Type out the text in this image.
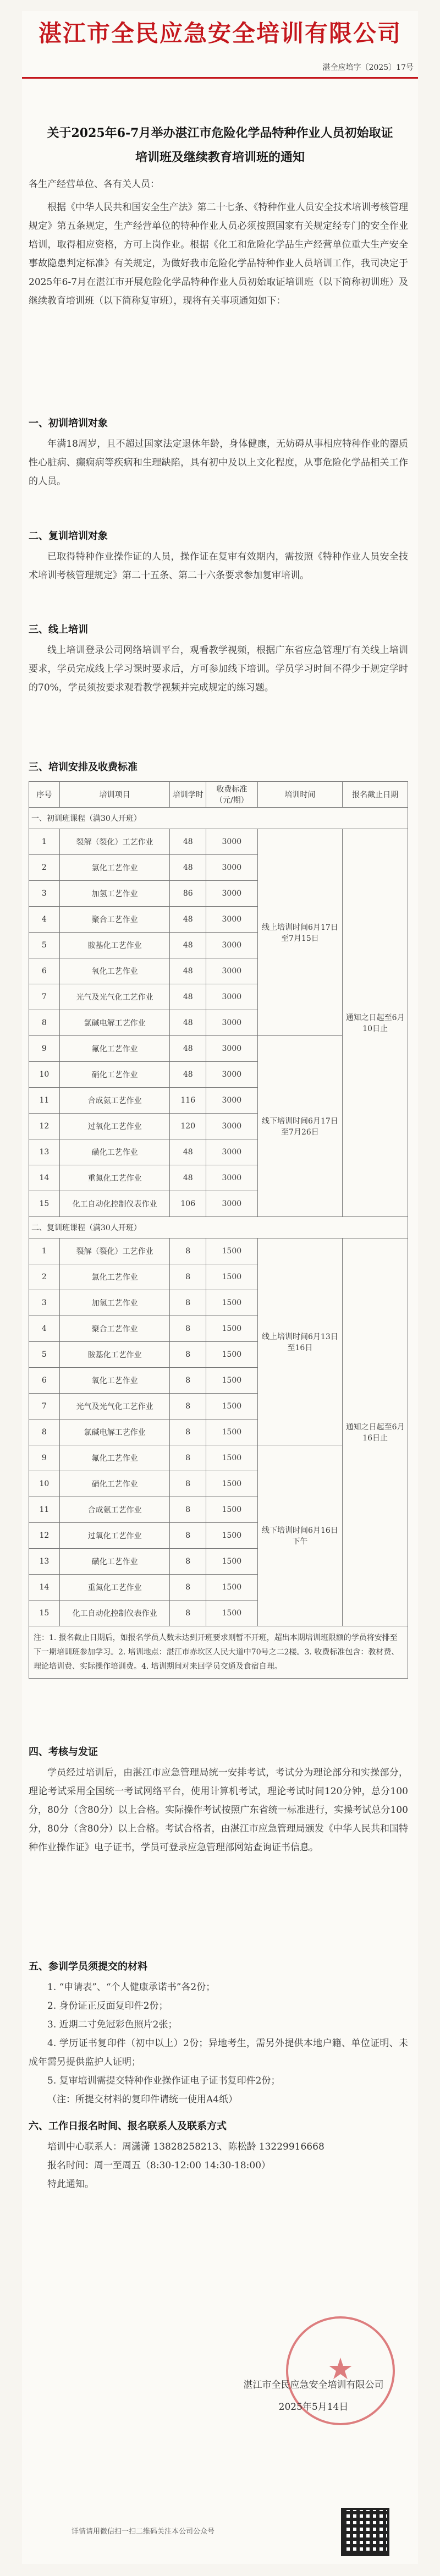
湛江市全民应急安全培训有限公司
湛全应培字〔2025〕17号
关于2025年6-7月举办湛江市危险化学品特种作业人员初始取证培训班及继续教育培训班的通知
各生产经营单位、各有关人员：
根据《中华人民共和国安全生产法》第二十七条、《特种作业人员安全技术培训考核管理规定》第五条规定，生产经营单位的特种作业人员必须按照国家有关规定经专门的安全作业培训，取得相应资格，方可上岗作业。根据《化工和危险化学品生产经营单位重大生产安全事故隐患判定标准》有关规定，为做好我市危险化学品特种作业人员培训工作，我司决定于2025年6-7月在湛江市开展危险化学品特种作业人员初始取证培训班（以下简称初训班）及继续教育培训班（以下简称复审班），现将有关事项通知如下：
一、初训培训对象
年满18周岁，且不超过国家法定退休年龄，身体健康，无妨碍从事相应特种作业的器质性心脏病、癫痫病等疾病和生理缺陷，具有初中及以上文化程度，从事危险化学品相关工作的人员。
二、复训培训对象
已取得特种作业操作证的人员，操作证在复审有效期内，需按照《特种作业人员安全技术培训考核管理规定》第二十五条、第二十六条要求参加复审培训。
三、线上培训
线上培训登录公司网络培训平台，观看教学视频，根据广东省应急管理厅有关线上培训要求，学员完成线上学习课时要求后，方可参加线下培训。学员学习时间不得少于规定学时的70%，学员须按要求观看教学视频并完成规定的练习题。
三、培训安排及收费标准
序号	培训项目	培训学时	收费标准（元/期）	培训时间	报名截止日期
一、初训班课程（满30人开班）					
1	裂解（裂化）工艺作业	48	3000	线上培训时间6月17日至7月15日	通知之日起至6月10日止
2	氯化工艺作业	48	3000		
3	加氢工艺作业	86	3000		
4	聚合工艺作业	48	3000		
5	胺基化工艺作业	48	3000		
6	氧化工艺作业	48	3000		
7	光气及光气化工艺作业	48	3000		
8	氯碱电解工艺作业	48	3000		
9	氟化工艺作业	48	3000	线下培训时间6月17日至7月26日	
10	硝化工艺作业	48	3000		
11	合成氨工艺作业	116	3000		
12	过氧化工艺作业	120	3000		
13	磺化工艺作业	48	3000		
14	重氮化工艺作业	48	3000		
15	化工自动化控制仪表作业	106	3000		
二、复训班课程（满30人开班）					
1	裂解（裂化）工艺作业	8	1500	线上培训时间6月13日至16日	通知之日起至6月16日止
2	氯化工艺作业	8	1500		
3	加氢工艺作业	8	1500		
4	聚合工艺作业	8	1500		
5	胺基化工艺作业	8	1500		
6	氧化工艺作业	8	1500		
7	光气及光气化工艺作业	8	1500		
8	氯碱电解工艺作业	8	1500		
9	氟化工艺作业	8	1500	线下培训时间6月16日下午	
10	硝化工艺作业	8	1500		
11	合成氨工艺作业	8	1500		
12	过氧化工艺作业	8	1500		
13	磺化工艺作业	8	1500		
14	重氮化工艺作业	8	1500		
15	化工自动化控制仪表作业	8	1500		
注：1. 报名截止日期后，如报名学员人数未达到开班要求则暂不开班，超出本期培训班限额的学员将安排至下一期培训班参加学习。2. 培训地点：湛江市赤坎区人民大道中70号之二2楼。3. 收费标准包含：教材费、理论培训费、实际操作培训费。4. 培训期间对来回学员交通及食宿自理。					
四、考核与发证
学员经过培训后，由湛江市应急管理局统一安排考试，考试分为理论部分和实操部分，理论考试采用全国统一考试网络平台，使用计算机考试，理论考试时间120分钟，总分100分，80分（含80分）以上合格。实际操作考试按照广东省统一标准进行，实操考试总分100分，80分（含80分）以上合格。考试合格者，由湛江市应急管理局颁发《中华人民共和国特种作业操作证》电子证书，学员可登录应急管理部网站查询证书信息。
五、参训学员须提交的材料
1. “申请表”、“个人健康承诺书”各2份；
2. 身份证正反面复印件2份；
3. 近期二寸免冠彩色照片2张；
4. 学历证书复印件（初中以上）2份；异地考生，需另外提供本地户籍、单位证明、未成年需另提供监护人证明；
5. 复审培训需提交特种作业操作证电子证书复印件2份；
（注：所提交材料的复印件请统一使用A4纸）
六、工作日报名时间、报名联系人及联系方式
培训中心联系人：周潇潇 13828258213、陈松龄 13229916668
报名时间：周一至周五（8:30-12:00 14:30-18:00）
特此通知。
★
湛江市全民应急安全培训有限公司
2025年5月14日
详情请用微信扫一扫二维码关注本公司公众号
